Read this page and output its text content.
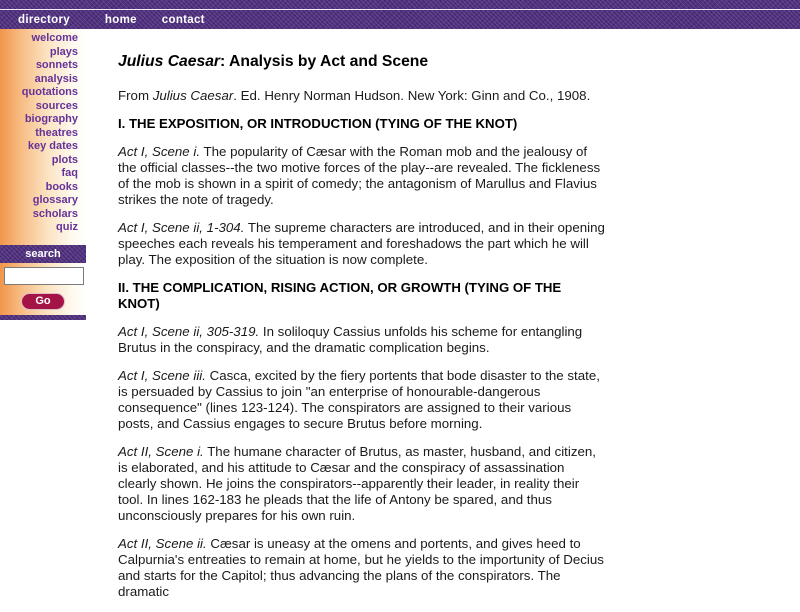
directory	home contact
welcome
plays
sonnets
analysis
quotations
sources
biography
theatres
key dates
plots
faq
books
glossary
scholars
quiz
search
Go
Julius Caesar: Analysis by Act and Scene

From Julius Caesar. Ed. Henry Norman Hudson. New York: Ginn and Co., 1908.

I. THE EXPOSITION, OR INTRODUCTION (TYING OF THE KNOT)

Act I, Scene i. The popularity of Cæsar with the Roman mob and the jealousy of the official classes--the two motive forces of the play--are revealed. The fickleness of the mob is shown in a spirit of comedy; the antagonism of Marullus and Flavius strikes the note of tragedy.

Act I, Scene ii, 1-304. The supreme characters are introduced, and in their opening speeches each reveals his temperament and foreshadows the part which he will play. The exposition of the situation is now complete.

II. THE COMPLICATION, RISING ACTION, OR GROWTH (TYING OF THE KNOT)

Act I, Scene ii, 305-319. In soliloquy Cassius unfolds his scheme for entangling Brutus in the conspiracy, and the dramatic complication begins.

Act I, Scene iii. Casca, excited by the fiery portents that bode disaster to the state, is persuaded by Cassius to join "an enterprise of honourable-dangerous consequence" (lines 123-124). The conspirators are assigned to their various posts, and Cassius engages to secure Brutus before morning.

Act II, Scene i. The humane character of Brutus, as master, husband, and citizen, is elaborated, and his attitude to Cæsar and the conspiracy of assassination clearly shown. He joins the conspirators--apparently their leader, in reality their tool. In lines 162-183 he pleads that the life of Antony be spared, and thus unconsciously prepares for his own ruin.

Act II, Scene ii. Cæsar is uneasy at the omens and portents, and gives heed to Calpurnia's entreaties to remain at home, but he yields to the importunity of Decius and starts for the Capitol; thus advancing the plans of the conspirators. The dramatic
